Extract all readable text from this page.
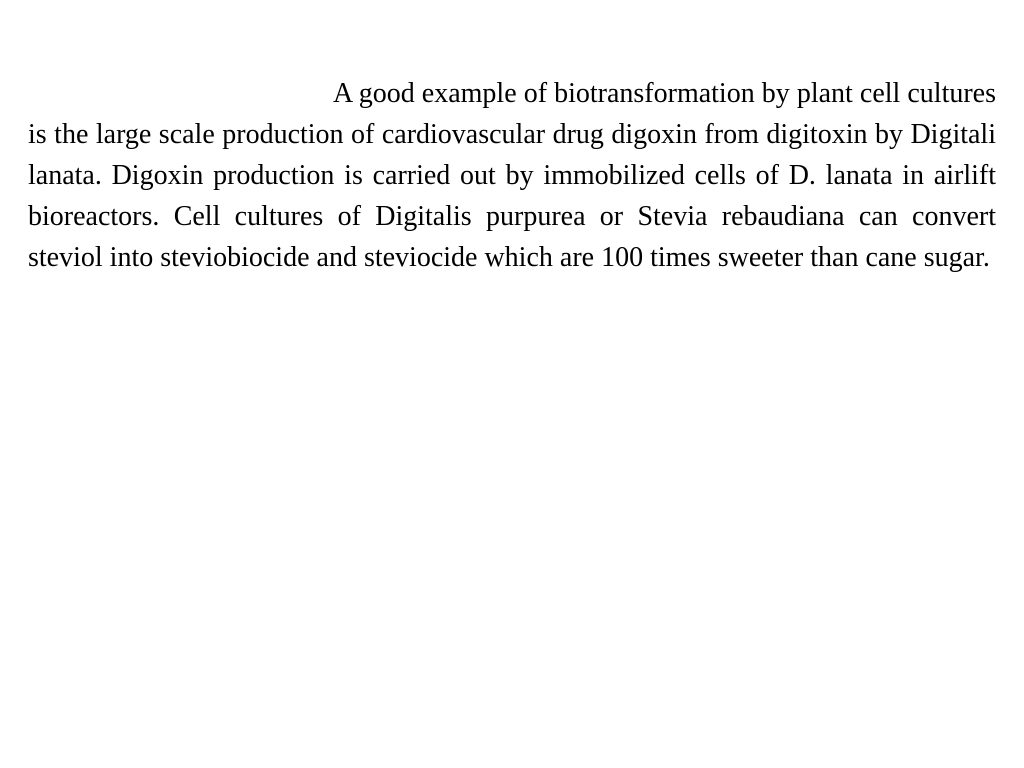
A good example of biotransformation by plant cell cultures is the large scale production of cardiovascular drug digoxin from digitoxin by Digitali lanata. Digoxin production is carried out by immobilized cells of D. lanata in airlift bioreactors. Cell cultures of Digitalis purpurea or Stevia rebaudiana can convert steviol into steviobiocide and steviocide which are 100 times sweeter than cane sugar.
